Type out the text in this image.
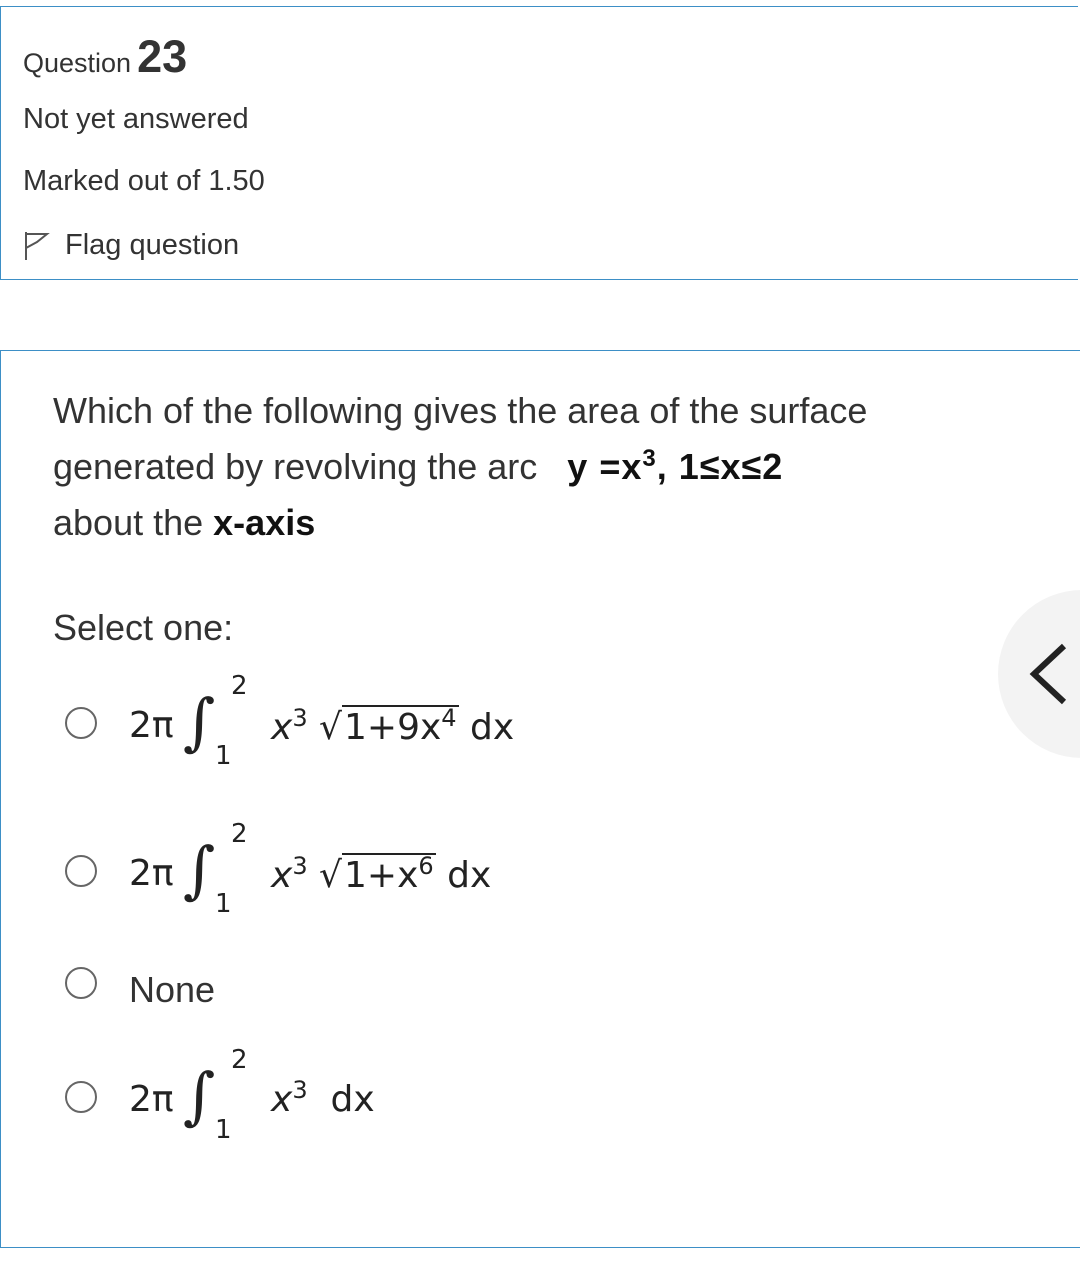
Question 23
Not yet answered
Marked out of 1.50
Flag question
Which of the following gives the area of the surface
generated by revolving the arc $y =x^3$, 1≤x≤2
about the x-axis
Select one:
2π ∫ 2
1
$x^3$ $√1+9x^4$ dx
2π ∫ 2
1
$x^3$ $√1+x^6$ dx
None
2π ∫ 2
1
$x^3$ dx
